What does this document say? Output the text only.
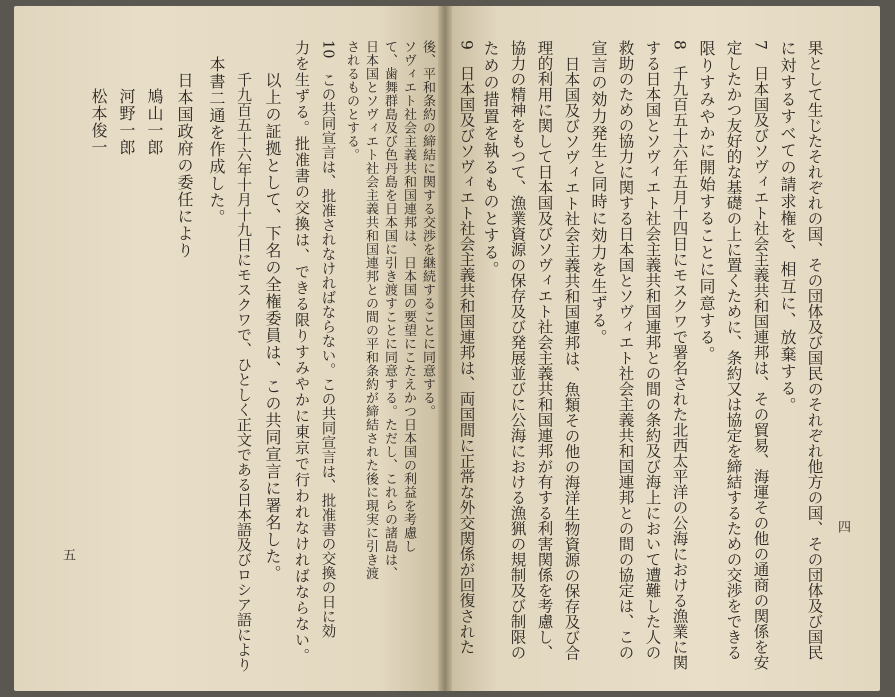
四
果として生じたそれぞれの国、その団体及び国民のそれぞれ他方の国、その団体及び国民
に対するすべての請求権を、相互に、放棄する。
7　日本国及びソヴィエト社会主義共和国連邦は、その貿易、海運その他の通商の関係を安
定したかつ友好的な基礎の上に置くために、条約又は協定を締結するための交渉をできる
限りすみやかに開始することに同意する。
8　千九百五十六年五月十四日にモスクワで署名された北西太平洋の公海における漁業に関
する日本国とソヴィエト社会主義共和国連邦との間の条約及び海上において遭難した人の
救助のための協力に関する日本国とソヴィエト社会主義共和国連邦との間の協定は、この
宣言の効力発生と同時に効力を生ずる。
日本国及びソヴィエト社会主義共和国連邦は、魚類その他の海洋生物資源の保存及び合
理的利用に関して日本国及びソヴィエト社会主義共和国連邦が有する利害関係を考慮し、
協力の精神をもつて、漁業資源の保存及び発展並びに公海における漁猟の規制及び制限の
ための措置を執るものとする。
9　日本国及びソヴィエト社会主義共和国連邦は、両国間に正常な外交関係が回復された
五
後、平和条約の締結に関する交渉を継続することに同意する。
ソヴィエト社会主義共和国連邦は、日本国の要望にこたえかつ日本国の利益を考慮し
て、歯舞群島及び色丹島を日本国に引き渡すことに同意する。ただし、これらの諸島は、
日本国とソヴィエト社会主義共和国連邦との間の平和条約が締結された後に現実に引き渡
されるものとする。
10　この共同宣言は、批准されなければならない。この共同宣言は、批准書の交換の日に効
力を生ずる。批准書の交換は、できる限りすみやかに東京で行われなければならない。
以上の証拠として、下名の全権委員は、この共同宣言に署名した。
千九百五十六年十月十九日にモスクワで、ひとしく正文である日本語及びロシア語により
本書二通を作成した。
日本国政府の委任により
鳩山一郎
河野一郎
松本俊一
